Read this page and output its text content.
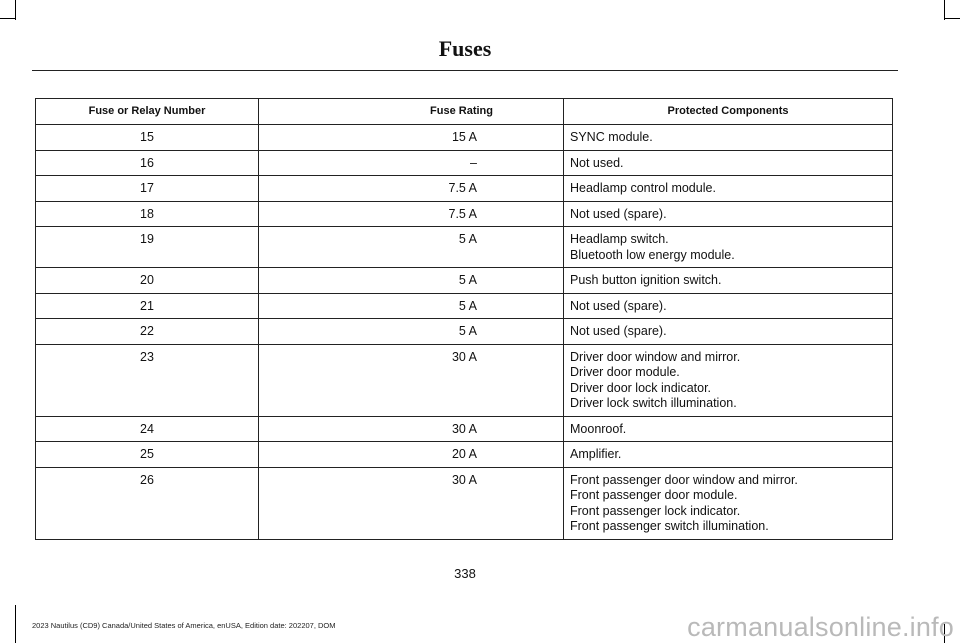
Fuses
Fuse or Relay Number	Fuse Rating	Protected Components
15	15 A	SYNC module.

16	–	Not used.

17	7.5 A	Headlamp control module.

18	7.5 A	Not used (spare).

19	5 A	Headlamp switch.
Bluetooth low energy module.

20	5 A	Push button ignition switch.

21	5 A	Not used (spare).

22	5 A	Not used (spare).

23	30 A	Driver door window and mirror.
Driver door module.
Driver door lock indicator.
Driver lock switch illumination.

24	30 A	Moonroof.

25	20 A	Amplifier.

26	30 A	Front passenger door window and mirror.
Front passenger door module.
Front passenger lock indicator.
Front passenger switch illumination.
338
2023 Nautilus (CD9) Canada/United States of America, enUSA, Edition date: 202207, DOM	carmanualsonline.info
